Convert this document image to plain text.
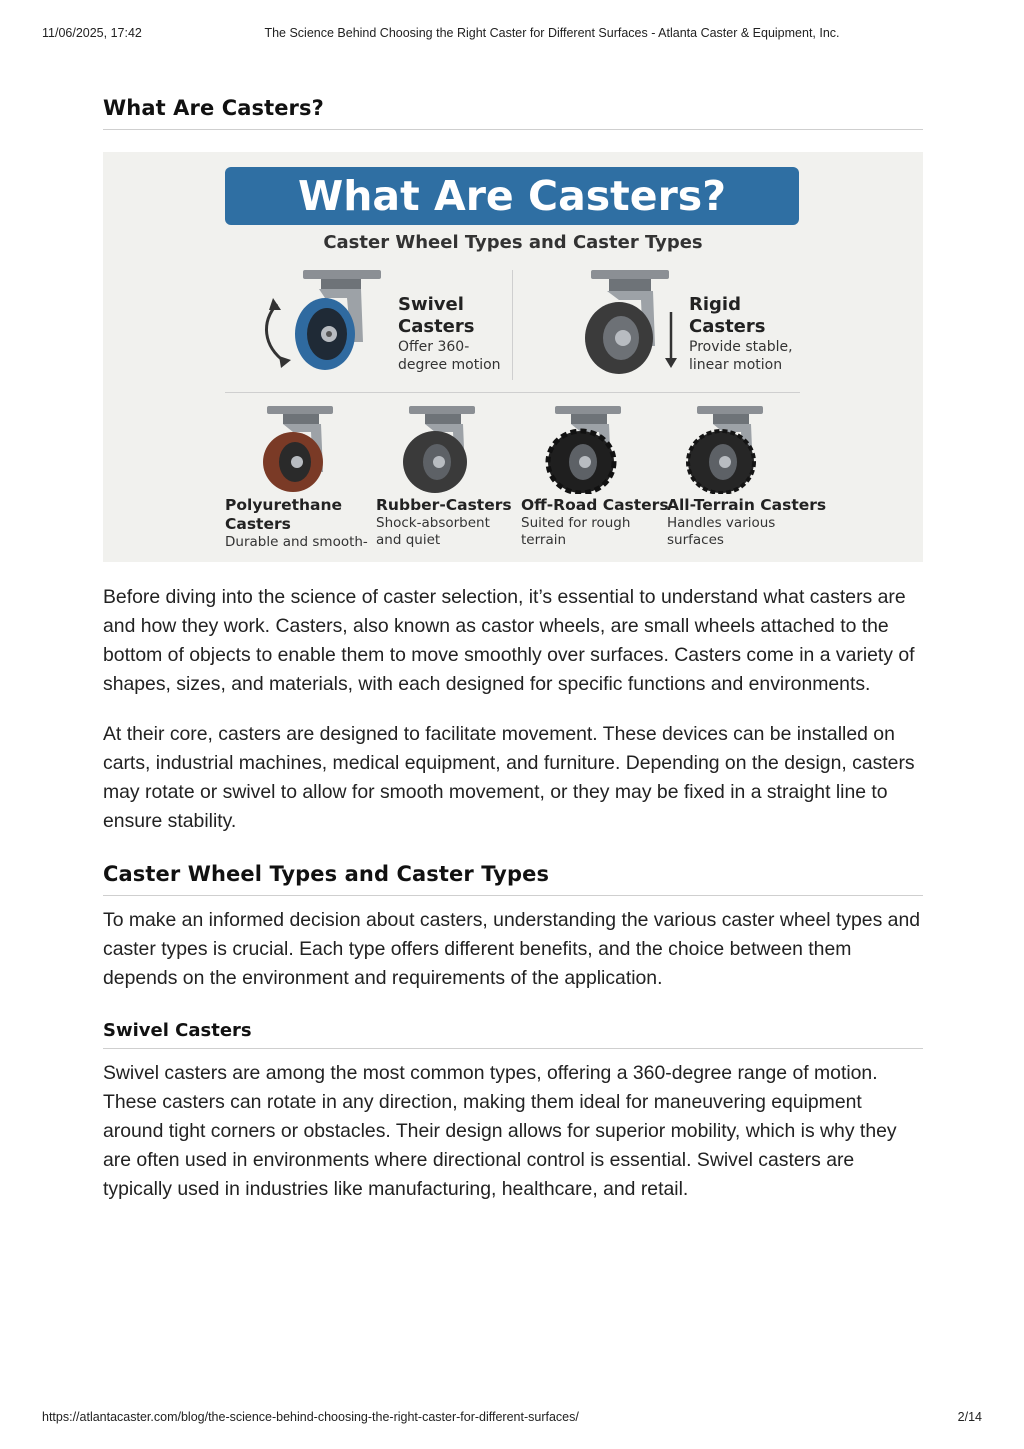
11/06/2025, 17:42	The Science Behind Choosing the Right Caster for Different Surfaces - Atlanta Caster & Equipment, Inc.
What Are Casters?
What Are Casters?
Caster Wheel Types and Caster Types
Swivel
Casters
Offer 360-
degree motion
Rigid
Casters
Provide stable,
linear motion
Polyurethane
Casters
Durable and smooth-
Rubber-Casters
Shock-absorbent
and quiet
Off-Road Casters
Suited for rough
terrain
All-Terrain Casters
Handles various
surfaces

Before diving into the science of caster selection, it’s essential to understand what casters are and how they work. Casters, also known as castor wheels, are small wheels attached to the bottom of objects to enable them to move smoothly over surfaces. Casters come in a variety of shapes, sizes, and materials, with each designed for specific functions and environments.

At their core, casters are designed to facilitate movement. These devices can be installed on carts, industrial machines, medical equipment, and furniture. Depending on the design, casters may rotate or swivel to allow for smooth movement, or they may be fixed in a straight line to ensure stability.

Caster Wheel Types and Caster Types

To make an informed decision about casters, understanding the various caster wheel types and caster types is crucial. Each type offers different benefits, and the choice between them depends on the environment and requirements of the application.

Swivel Casters

Swivel casters are among the most common types, offering a 360-degree range of motion. These casters can rotate in any direction, making them ideal for maneuvering equipment around tight corners or obstacles. Their design allows for superior mobility, which is why they are often used in environments where directional control is essential. Swivel casters are typically used in industries like manufacturing, healthcare, and retail.

https://atlantacaster.com/blog/the-science-behind-choosing-the-right-caster-for-different-surfaces/	2/14
